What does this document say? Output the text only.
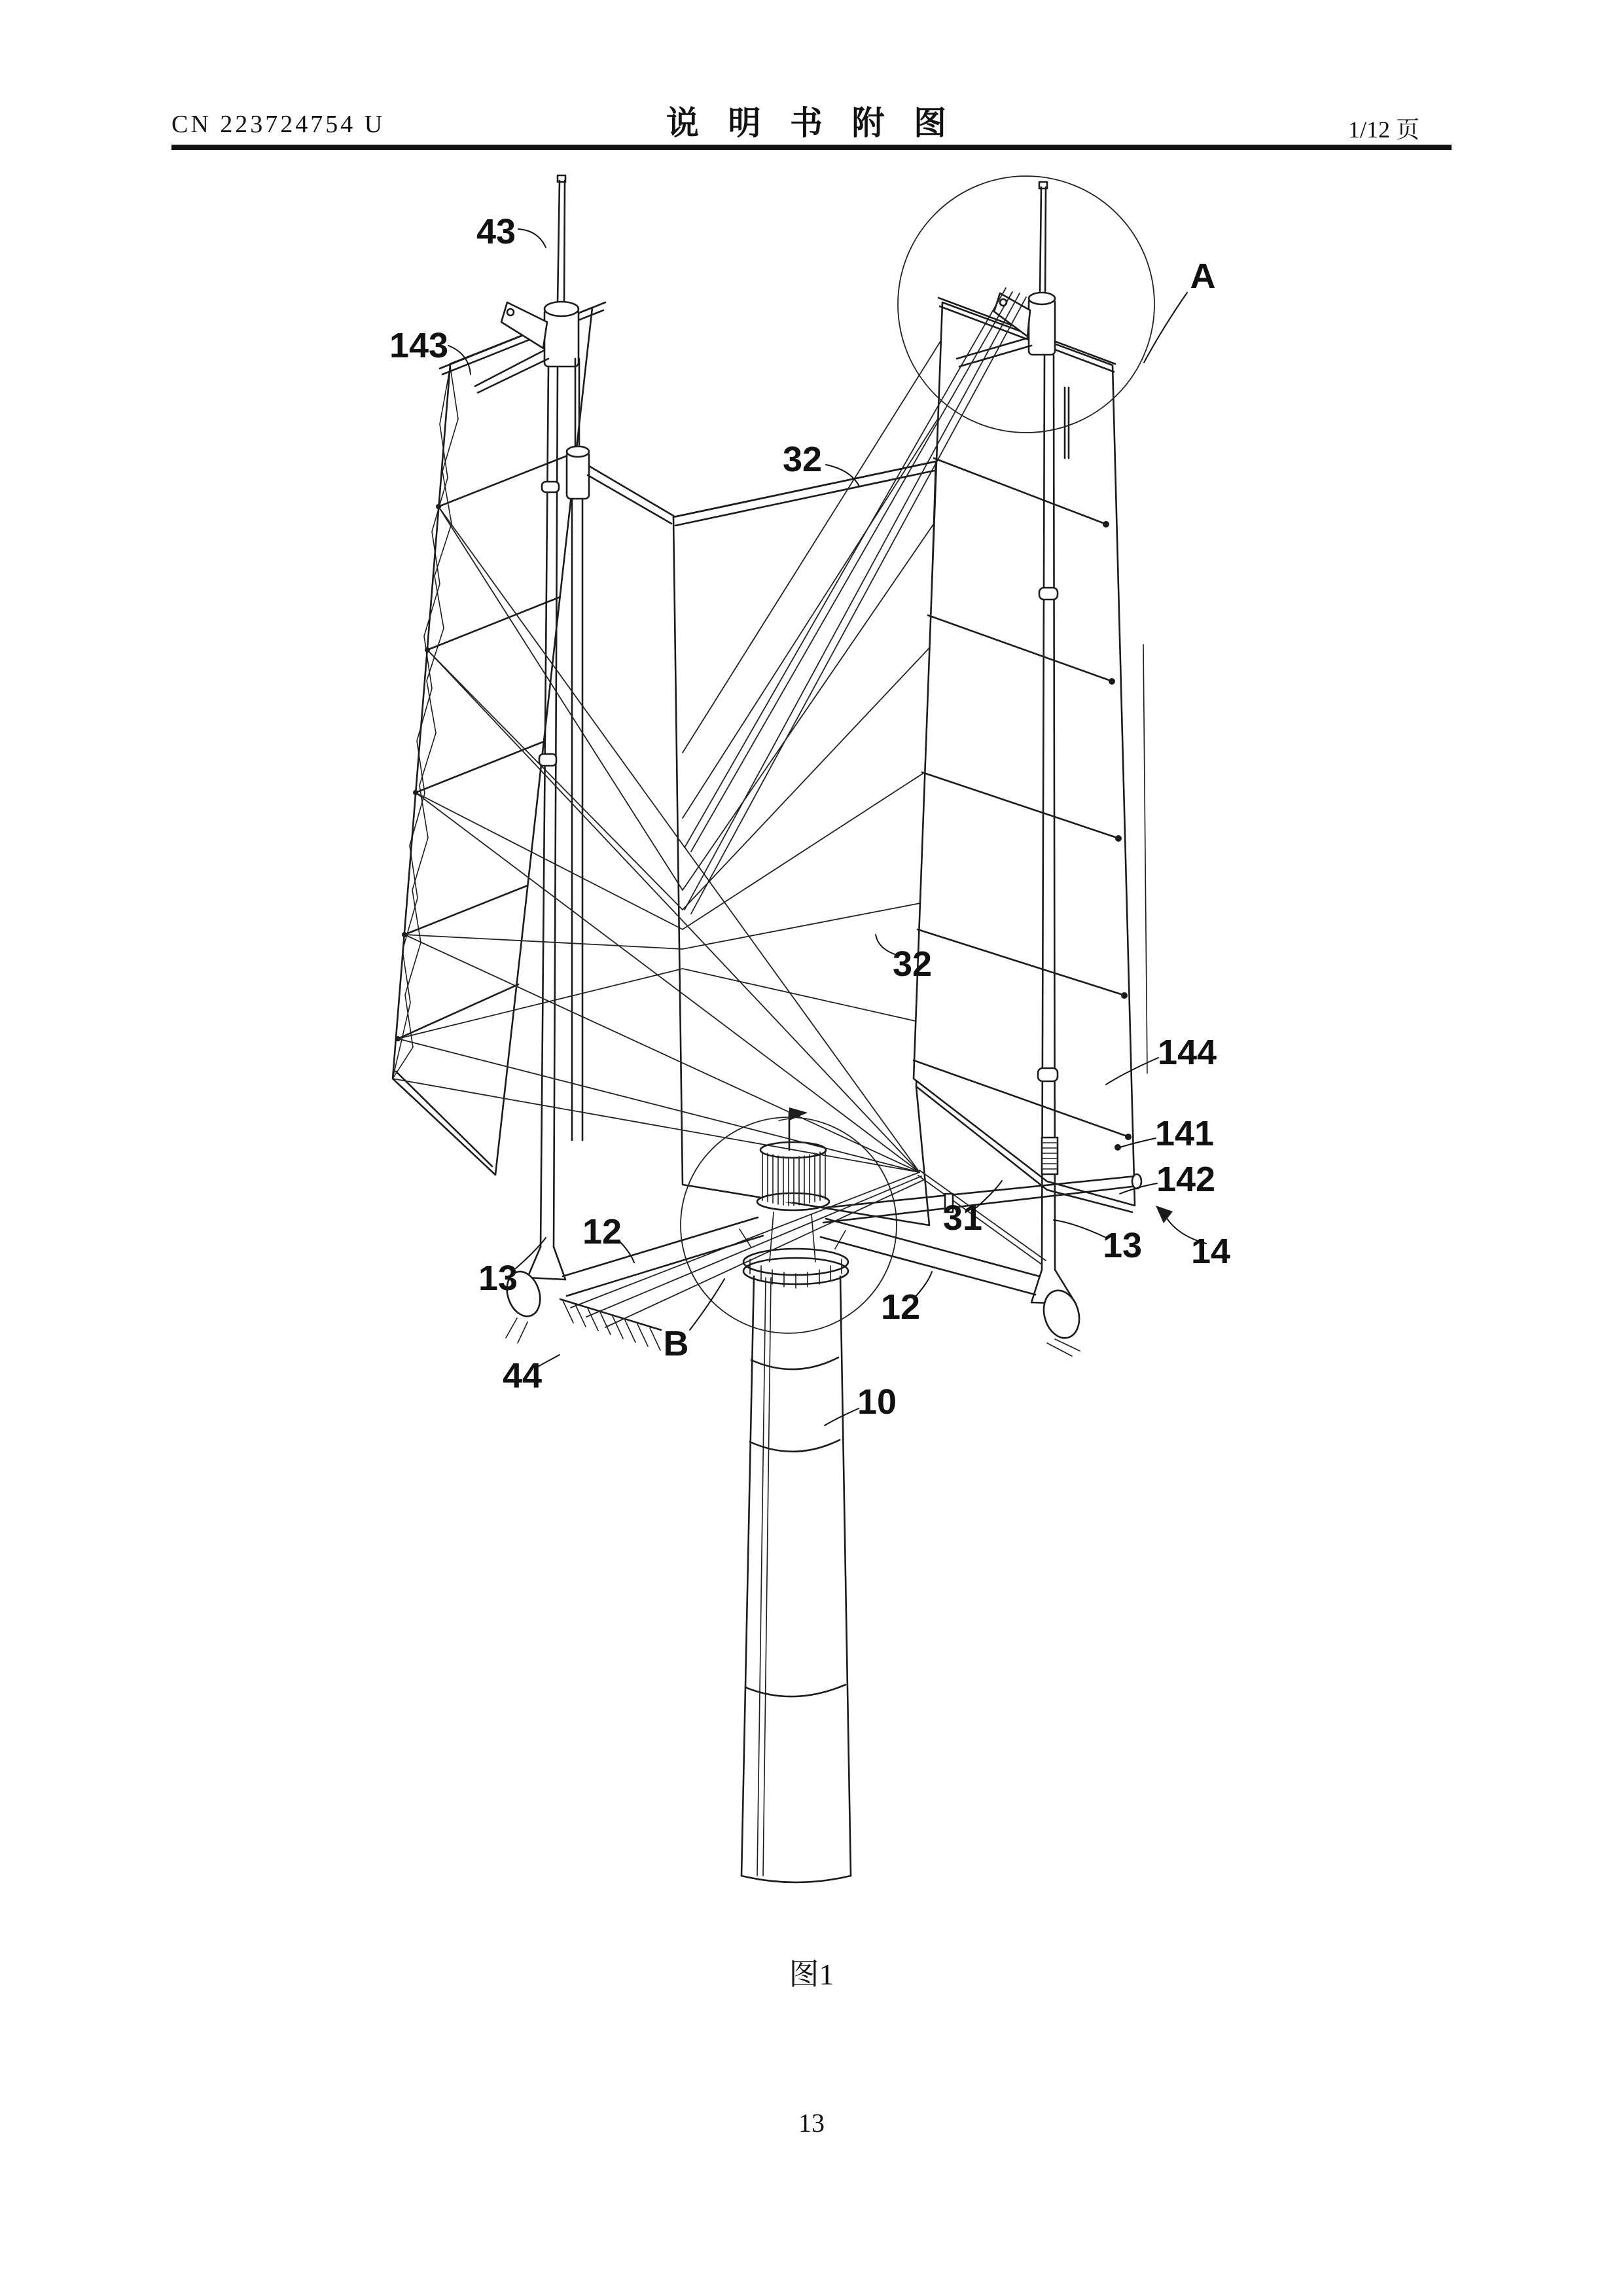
CN 223724754 U	说 明 书 附 图	1/12 页
43
143
A
32
32
144
141
142
13 14
31
12
13
12
44
B
10
图1
13
